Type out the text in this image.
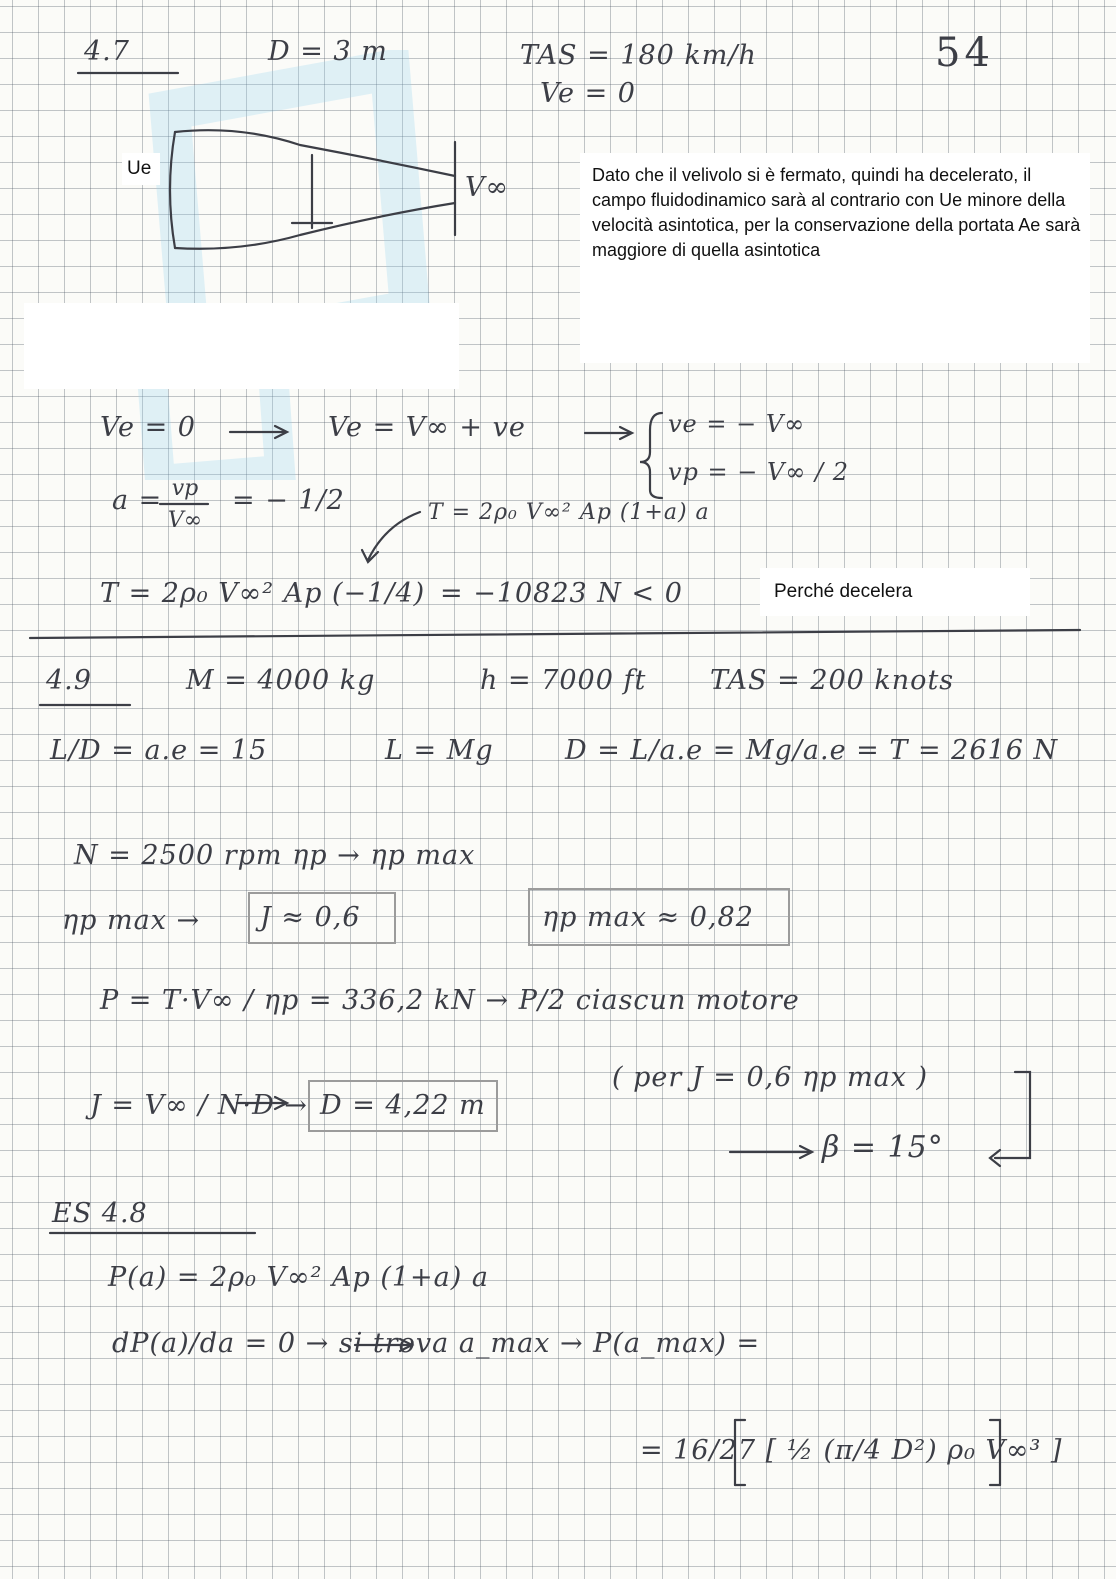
4.7	D = 3 m	TAS = 180 km/h
Ve = 0
54
Ue
V∞	Dato che il velivolo si è fermato, quindi ha decelerato, il campo fluidodinamico sarà al contrario con Ue minore della velocità asintotica, per la conservazione della portata Ae sarà maggiore di quella asintotica
Ve = 0	Ve = V∞ + ve	ve = − V∞
vp = − V∞ / 2
a = vp
V∞
= − 1/2	T = 2ρ₀ V∞² Ap (1+a) a
T = 2ρ₀ V∞² Ap (−1/4) = −10823 N < 0	Perché decelera
4.9	M = 4000 kg	h = 7000 ft TAS = 200 knots
L/D = a.e = 15	L = Mg	D = L/a.e = Mg/a.e = T = 2616 N
N = 2500 rpm ηp → ηp max
ηp max → J ≈ 0,6	ηp max ≈ 0,82
P = T·V∞ / ηp = 336,2 kN → P/2 ciascun motore
J = V∞ / N·D → D = 4,22 m
( per J = 0,6 ηp max )
β = 15°
ES 4.8
P(a) = 2ρ₀ V∞² Ap (1+a) a
dP(a)/da = 0 → si trova a_max → P(a_max) =
= 16/27 [ ½ (π/4 D²) ρ₀ V∞³ ]
